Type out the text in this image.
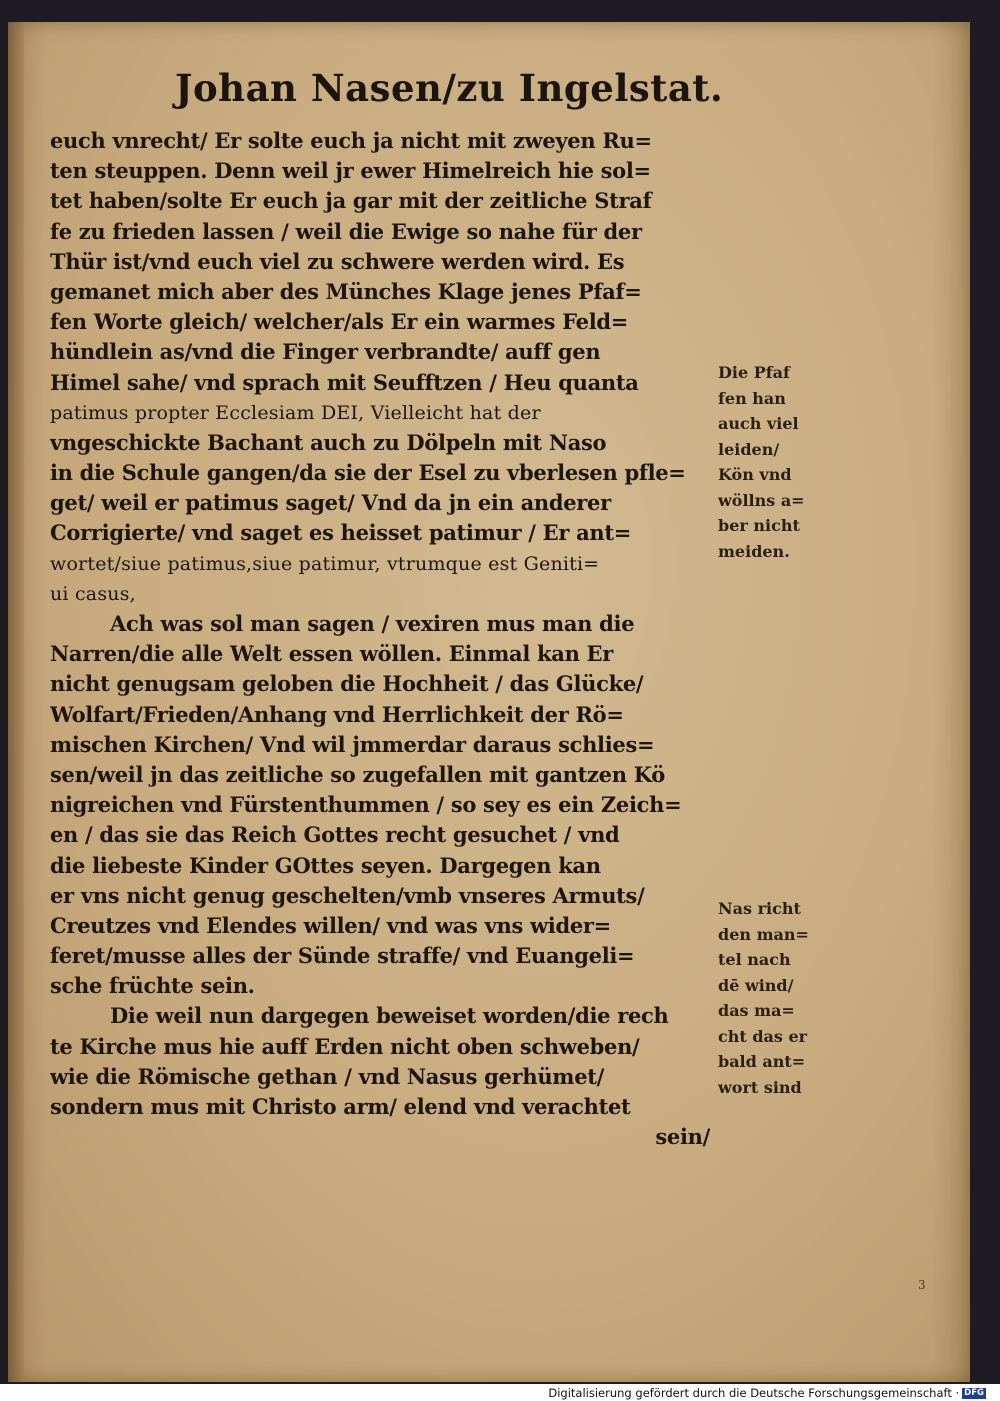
Johan Nasen/zu Ingelstat.
euch vnrecht/ Er solte euch ja nicht mit zweyen Ru=
ten steuppen. Denn weil jr ewer Himelreich hie sol=
tet haben/solte Er euch ja gar mit der zeitliche Straf
fe zu frieden lassen / weil die Ewige so nahe für der
Thür ist/vnd euch viel zu schwere werden wird. Es
gemanet mich aber des Münches Klage jenes Pfaf=
fen Worte gleich/ welcher/als Er ein warmes Feld=
hündlein as/vnd die Finger verbrandte/ auff gen
Himel sahe/ vnd sprach mit Seufftzen / Heu quanta
patimus propter Ecclesiam DEI, Vielleicht hat der
vngeschickte Bachant auch zu Dölpeln mit Naso
in die Schule gangen/da sie der Esel zu vberlesen pfle=
get/ weil er patimus saget/ Vnd da jn ein anderer
Corrigierte/ vnd saget es heisset patimur / Er ant=
wortet/siue patimus,siue patimur, vtrumque est Geniti=
ui casus,
Ach was sol man sagen / vexiren mus man die
Narren/die alle Welt essen wöllen. Einmal kan Er
nicht genugsam geloben die Hochheit / das Glücke/
Wolfart/Frieden/Anhang vnd Herrlichkeit der Rö=
mischen Kirchen/ Vnd wil jmmerdar daraus schlies=
sen/weil jn das zeitliche so zugefallen mit gantzen Kö
nigreichen vnd Fürstenthummen / so sey es ein Zeich=
en / das sie das Reich Gottes recht gesuchet / vnd
die liebeste Kinder GOttes seyen. Dargegen kan
er vns nicht genug geschelten/vmb vnseres Armuts/
Creutzes vnd Elendes willen/ vnd was vns wider=
feret/musse alles der Sünde straffe/ vnd Euangeli=
sche früchte sein.
Die weil nun dargegen beweiset worden/die rech
te Kirche mus hie auff Erden nicht oben schweben/
wie die Römische gethan / vnd Nasus gerhümet/
sondern mus mit Christo arm/ elend vnd verachtet
sein/
Die Pfaf
fen han
auch viel
leiden/
Kön vnd
wöllns a=
ber nicht
meiden.
Nas richt
den man=
tel nach
dē wind/
das ma=
cht das er
bald ant=
wort sind
3
Digitalisierung gefördert durch die Deutsche Forschungsgemeinschaft · DFG
